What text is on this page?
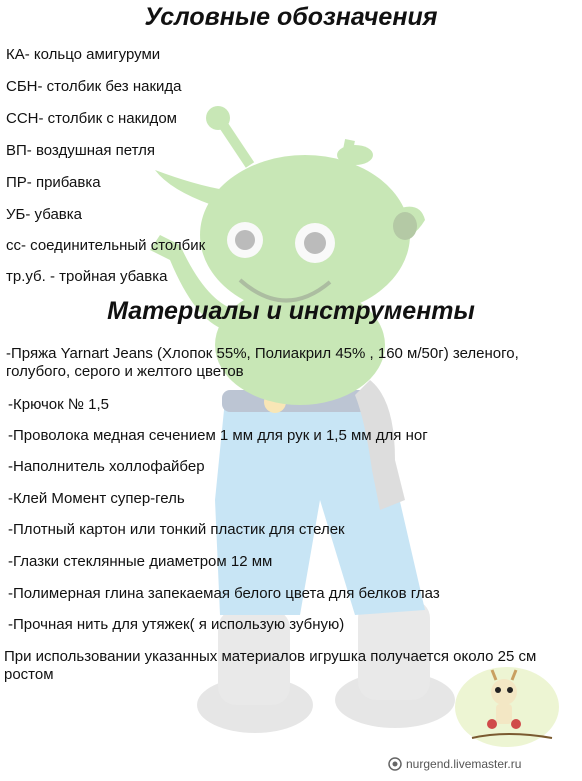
Условные обозначения

КА- кольцо амигуруми

СБН- столбик без накида

ССН- столбик с накидом

ВП- воздушная петля

ПР- прибавка

УБ- убавка

сс- соединительный столбик

тр.уб. - тройная убавка

Материалы и инструменты

-Пряжа Yarnart Jeans (Хлопок 55%, Полиакрил 45% , 160 м/50г) зеленого, голубого, серого и желтого цветов

-Крючок № 1,5

-Проволока медная сечением 1 мм для рук и 1,5 мм для ног

-Наполнитель холлофайбер

-Клей Момент супер-гель

-Плотный картон или тонкий пластик для стелек

-Глазки стеклянные диаметром 12 мм

-Полимерная глина запекаемая белого цвета для белков глаз

-Прочная нить для утяжек( я использую зубную)

При использовании указанных материалов игрушка получается около 25 см ростом

nurgend.livemaster.ru
